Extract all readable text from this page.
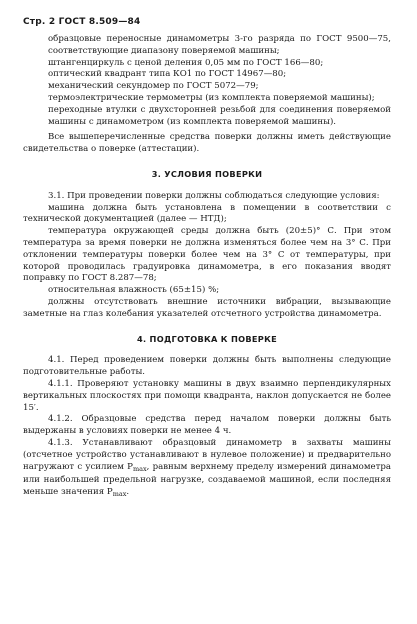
Стр. 2 ГОСТ 8.509—84

образцовые переносные динамометры 3-го разряда по ГОСТ 9500—75, соответствующие диапазону поверяемой машины;

штангенциркуль с ценой деления 0,05 мм по ГОСТ 166—80;

оптический квадрант типа КО1 по ГОСТ 14967—80;

механический секундомер по ГОСТ 5072—79;

термоэлектрические термометры (из комплекта поверяемой машины);

переходные втулки с двухсторонней резьбой для соединения поверяемой машины с динамометром (из комплекта поверяемой машины).

Все вышеперечисленные средства поверки должны иметь действующие свидетельства о поверке (аттестации).

3. УСЛОВИЯ ПОВЕРКИ

3.1. При проведении поверки должны соблюдаться следующие условия:

машина должна быть установлена в помещении в соответствии с технической документацией (далее — НТД);

температура окружающей среды должна быть (20±5)° С. При этом температура за время поверки не должна изменяться более чем на 3° С. При отклонении температуры поверки более чем на 3° С от температуры, при которой проводилась градуировка динамометра, в его показания вводят поправку по ГОСТ 8.287—78;

относительная влажность (65±15) %;

должны отсутствовать внешние источники вибрации, вызывающие заметные на глаз колебания указателей отсчетного устройства динамометра.

4. ПОДГОТОВКА К ПОВЕРКЕ

4.1. Перед проведением поверки должны быть выполнены следующие подготовительные работы.

4.1.1. Проверяют установку машины в двух взаимно перпендикулярных вертикальных плоскостях при помощи квадранта, наклон допускается не более 15′.

4.1.2. Образцовые средства перед началом поверки должны быть выдержаны в условиях поверки не менее 4 ч.

4.1.3. Устанавливают образцовый динамометр в захваты машины (отсчетное устройство устанавливают в нулевое положение) и предварительно нагружают с усилием $P_{max}$, равным верхнему пределу измерений динамометра или наибольшей предельной нагрузке, создаваемой машиной, если последняя меньше значения $P_{max}$.
